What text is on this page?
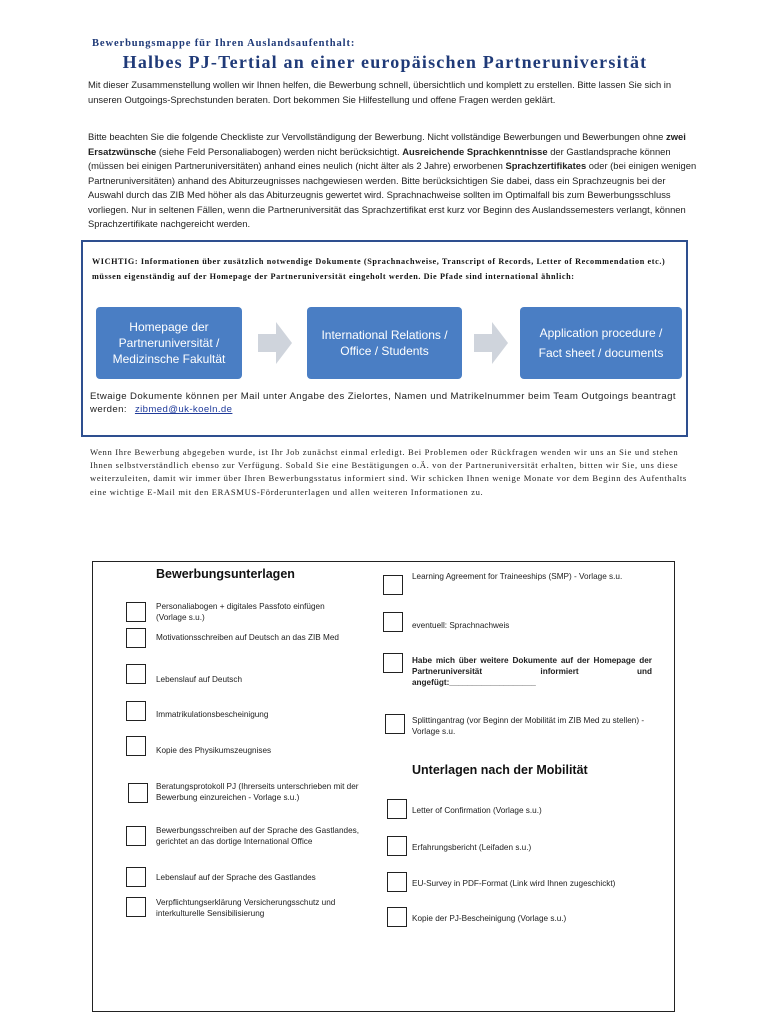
Bewerbungsmappe für Ihren Auslandsaufenthalt:
Halbes PJ-Tertial an einer europäischen Partneruniversität
Mit dieser Zusammenstellung wollen wir Ihnen helfen, die Bewerbung schnell, übersichtlich und komplett zu erstellen. Bitte lassen Sie sich in unseren Outgoings-Sprechstunden beraten. Dort bekommen Sie Hilfestellung und offene Fragen werden geklärt.
Bitte beachten Sie die folgende Checkliste zur Vervollständigung der Bewerbung. Nicht vollständige Bewerbungen und Bewerbungen ohne zwei Ersatzwünsche (siehe Feld Personaliabogen) werden nicht berücksichtigt. Ausreichende Sprachkenntnisse der Gastlandsprache können (müssen bei einigen Partneruniversitäten) anhand eines neulich (nicht älter als 2 Jahre) erworbenen Sprachzertifikates oder (bei einigen wenigen Partneruniversitäten) anhand des Abiturzeugnisses nachgewiesen werden. Bitte berücksichtigen Sie dabei, dass ein Sprachzeugnis bei der Auswahl durch das ZIB Med höher als das Abiturzeugnis gewertet wird. Sprachnachweise sollten im Optimalfall bis zum Bewerbungsschluss vorliegen. Nur in seltenen Fällen, wenn die Partneruniversität das Sprachzertifikat erst kurz vor Beginn des Auslandssemesters verlangt, können Sprachzertifikate nachgereicht werden.
WICHTIG: Informationen über zusätzlich notwendige Dokumente (Sprachnachweise, Transcript of Records, Letter of Recommendation etc.) müssen eigenständig auf der Homepage der Partneruniversität eingeholt werden. Die Pfade sind international ähnlich:
Homepage der Partneruniversität / Medizinsche Fakultät
International Relations / Office / Students
Application procedure / Fact sheet / documents
Etwaige Dokumente können per Mail unter Angabe des Zielortes, Namen und Matrikelnummer beim Team Outgoings beantragt werden: zibmed@uk-koeln.de
Wenn Ihre Bewerbung abgegeben wurde, ist Ihr Job zunächst einmal erledigt. Bei Problemen oder Rückfragen wenden wir uns an Sie und stehen Ihnen selbstverständlich ebenso zur Verfügung. Sobald Sie eine Bestätigungen o.Ä. von der Partneruniversität erhalten, bitten wir Sie, uns diese weiterzuleiten, damit wir immer über Ihren Bewerbungsstatus informiert sind. Wir schicken Ihnen wenige Monate vor dem Beginn des Aufenthalts eine wichtige E-Mail mit den ERASMUS-Förderunterlagen und allen weiteren Informationen zu.
Bewerbungsunterlagen
Personaliabogen + digitales Passfoto einfügen (Vorlage s.u.)
Motivationsschreiben auf Deutsch an das ZIB Med
Lebenslauf auf Deutsch
Immatrikulationsbescheinigung
Kopie des Physikumszeugnises
Beratungsprotokoll PJ (Ihrerseits unterschrieben mit der Bewerbung einzureichen - Vorlage s.u.)
Bewerbungsschreiben auf der Sprache des Gastlandes, gerichtet an das dortige International Office
Lebenslauf auf der Sprache des Gastlandes
Verpflichtungserklärung Versicherungsschutz und interkulturelle Sensibilisierung
Learning Agreement for Traineeships (SMP) - Vorlage s.u.
eventuell: Sprachnachweis
Habe mich über weitere Dokumente auf der Homepage der Partneruniversität informiert und angefügt:___________________
Splittingantrag (vor Beginn der Mobilität im ZIB Med zu stellen) - Vorlage s.u.
Unterlagen nach der Mobilität
Letter of Confirmation (Vorlage s.u.)
Erfahrungsbericht (Leifaden s.u.)
EU-Survey in PDF-Format (Link wird Ihnen zugeschickt)
Kopie der PJ-Bescheinigung (Vorlage s.u.)
